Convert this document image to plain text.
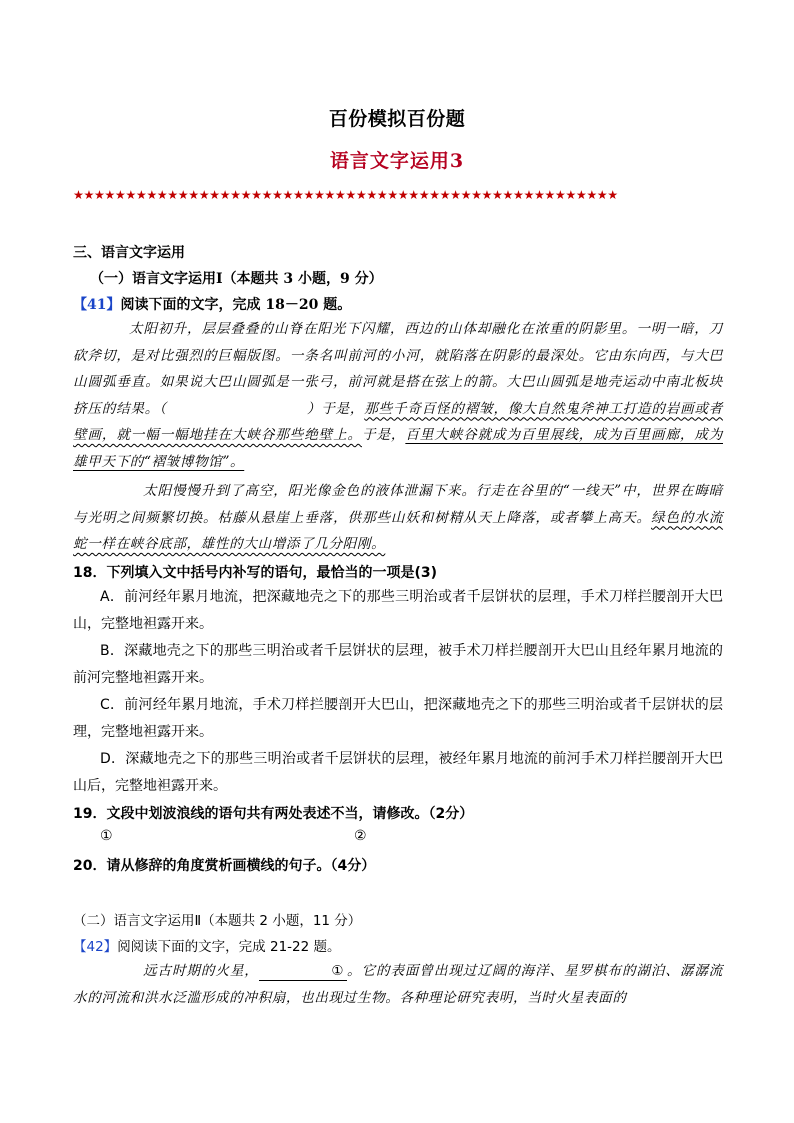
百份模拟百份题
语言文字运用3
★★★★★★★★★★★★★★★★★★★★★★★★★★★★★★★★★★★★★★★★★★★★★★★★★★★★
三、语言文字运用
（一）语言文字运用Ⅰ（本题共 3 小题，9 分）
【41】阅读下面的文字，完成 18－20 题。
太阳初升，层层叠叠的山脊在阳光下闪耀，西边的山体却融化在浓重的阴影里。一明一暗，刀砍斧切，是对比强烈的巨幅版图。一条名叫前河的小河，就陷落在阴影的最深处。它由东向西，与大巴山圆弧垂直。如果说大巴山圆弧是一张弓，前河就是搭在弦上的箭。大巴山圆弧是地壳运动中南北板块挤压的结果。（	）于是，那些千奇百怪的褶皱，像大自然鬼斧神工打造的岩画或者壁画，就一幅一幅地挂在大峡谷那些绝壁上。于是，百里大峡谷就成为百里展线，成为百里画廊，成为雄甲天下的“褶皱博物馆”。
太阳慢慢升到了高空，阳光像金色的液体泄漏下来。行走在谷里的“一线天”中，世界在晦暗与光明之间频繁切换。枯藤从悬崖上垂落，供那些山妖和树精从天上降落，或者攀上高天。绿色的水流蛇一样在峡谷底部，雄性的大山增添了几分阳刚。
18．下列填入文中括号内补写的语句，最恰当的一项是(3)
A．前河经年累月地流，把深藏地壳之下的那些三明治或者千层饼状的层理，手术刀样拦腰剖开大巴山，完整地袒露开来。
B．深藏地壳之下的那些三明治或者千层饼状的层理，被手术刀样拦腰剖开大巴山且经年累月地流的前河完整地袒露开来。
C．前河经年累月地流，手术刀样拦腰剖开大巴山，把深藏地壳之下的那些三明治或者千层饼状的层理，完整地袒露开来。
D．深藏地壳之下的那些三明治或者千层饼状的层理，被经年累月地流的前河手术刀样拦腰剖开大巴山后，完整地袒露开来。
19．文段中划波浪线的语句共有两处表述不当，请修改。（2分）
①	②
20．请从修辞的角度赏析画横线的句子。（4分）
（二）语言文字运用Ⅱ（本题共 2 小题，11 分）
【42】阅阅读下面的文字，完成 21-22 题。
远古时期的火星，	① 。它的表面曾出现过辽阔的海洋、星罗棋布的湖泊、潺潺流水的河流和洪水泛滥形成的冲积扇，也出现过生物。各种理论研究表明，当时火星表面的
